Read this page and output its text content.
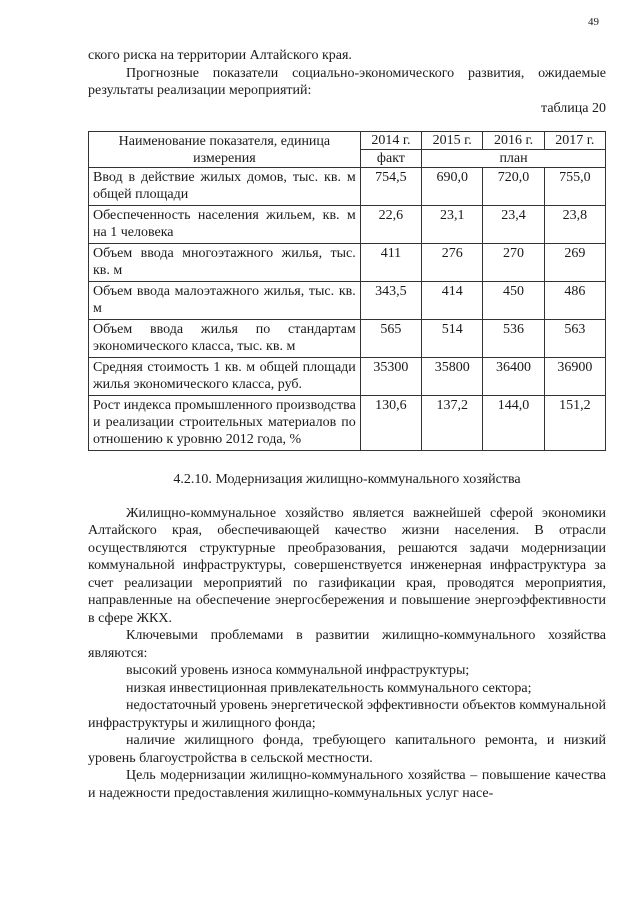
49

ского риска на территории Алтайского края.

Прогнозные показатели социально-экономического развития, ожидаемые результаты реализации мероприятий:

таблица 20

Наименование показателя, единица измерения	2014 г.	2015 г.	2016 г.	2017 г.
	факт	план		
Ввод в действие жилых домов, тыс. кв. м общей площади	754,5	690,0	720,0	755,0
Обеспеченность населения жильем, кв. м на 1 человека	22,6	23,1	23,4	23,8
Объем ввода многоэтажного жилья, тыс. кв. м	411	276	270	269
Объем ввода малоэтажного жилья, тыс. кв. м	343,5	414	450	486
Объем ввода жилья по стандартам экономического класса, тыс. кв. м	565	514	536	563
Средняя стоимость 1 кв. м общей площади жилья экономического класса, руб.	35300	35800	36400	36900
Рост индекса промышленного производства и реализации строительных материалов по отношению к уровню 2012 года, %	130,6	137,2	144,0	151,2
4.2.10. Модернизация жилищно-коммунального хозяйства

Жилищно-коммунальное хозяйство является важнейшей сферой экономики Алтайского края, обеспечивающей качество жизни населения. В отрасли осуществляются структурные преобразования, решаются задачи модернизации коммунальной инфраструктуры, совершенствуется инженерная инфраструктура за счет реализации мероприятий по газификации края, проводятся мероприятия, направленные на обеспечение энергосбережения и повышение энергоэффективности в сфере ЖКХ.

Ключевыми проблемами в развитии жилищно-коммунального хозяйства являются:

высокий уровень износа коммунальной инфраструктуры;

низкая инвестиционная привлекательность коммунального сектора;

недостаточный уровень энергетической эффективности объектов коммунальной инфраструктуры и жилищного фонда;

наличие жилищного фонда, требующего капитального ремонта, и низкий уровень благоустройства в сельской местности.

Цель модернизации жилищно-коммунального хозяйства – повышение качества и надежности предоставления жилищно-коммунальных услуг насе-
